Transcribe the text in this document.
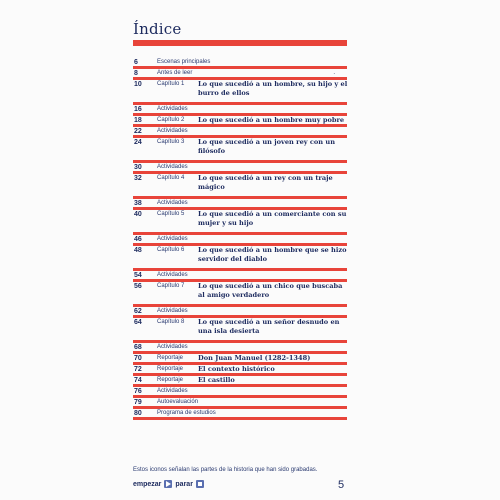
Índice
6	Escenas principales
8	Antes de leer	.
10	Capítulo 1 Lo que sucedió a un hombre, su hijo y el burro de ellos
16	Actividades
18	Capítulo 2 Lo que sucedió a un hombre muy pobre
22	Actividades
24	Capítulo 3 Lo que sucedió a un joven rey con un filósofo
30	Actividades
32	Capítulo 4 Lo que sucedió a un rey con un traje mágico
38	Actividades
40	Capítulo 5 Lo que sucedió a un comerciante con su mujer y su hijo
46	Actividades
48	Capítulo 6 Lo que sucedió a un hombre que se hizo servidor del diablo
54	Actividades
56	Capítulo 7 Lo que sucedió a un chico que buscaba al amigo verdadero
62	Actividades
64	Capítulo 8 Lo que sucedió a un señor desnudo en una isla desierta
68	Actividades
70	Reportaje Don Juan Manuel (1282-1348)
72	Reportaje El contexto histórico
74	Reportaje El castillo
76	Actividades
79	Autoevaluación
80	Programa de estudios
Estos iconos señalan las partes de la historia que han sido grabadas.
empezar parar	5
